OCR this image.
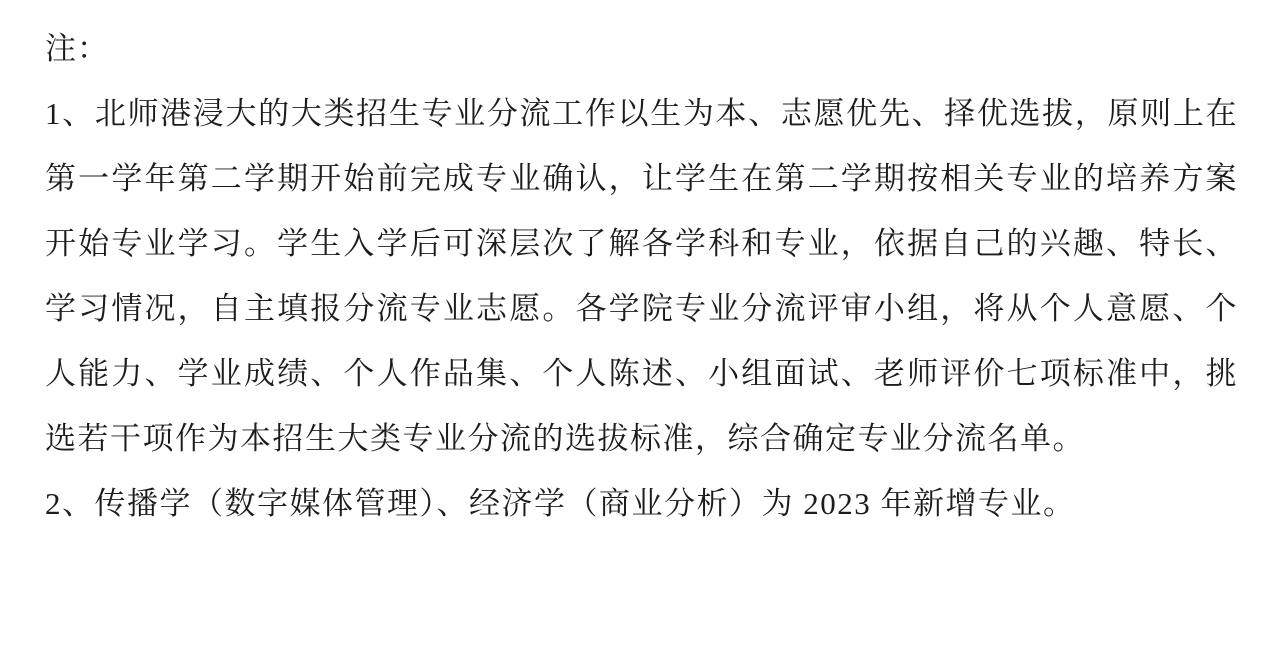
注：

1、北师港浸大的大类招生专业分流工作以生为本、志愿优先、择优选拔，原则上在第一学年第二学期开始前完成专业确认，让学生在第二学期按相关专业的培养方案开始专业学习。学生入学后可深层次了解各学科和专业，依据自己的兴趣、特长、学习情况，自主填报分流专业志愿。各学院专业分流评审小组，将从个人意愿、个人能力、学业成绩、个人作品集、个人陈述、小组面试、老师评价七项标准中，挑选若干项作为本招生大类专业分流的选拔标准，综合确定专业分流名单。

2、传播学（数字媒体管理）、经济学（商业分析）为 2023 年新增专业。
